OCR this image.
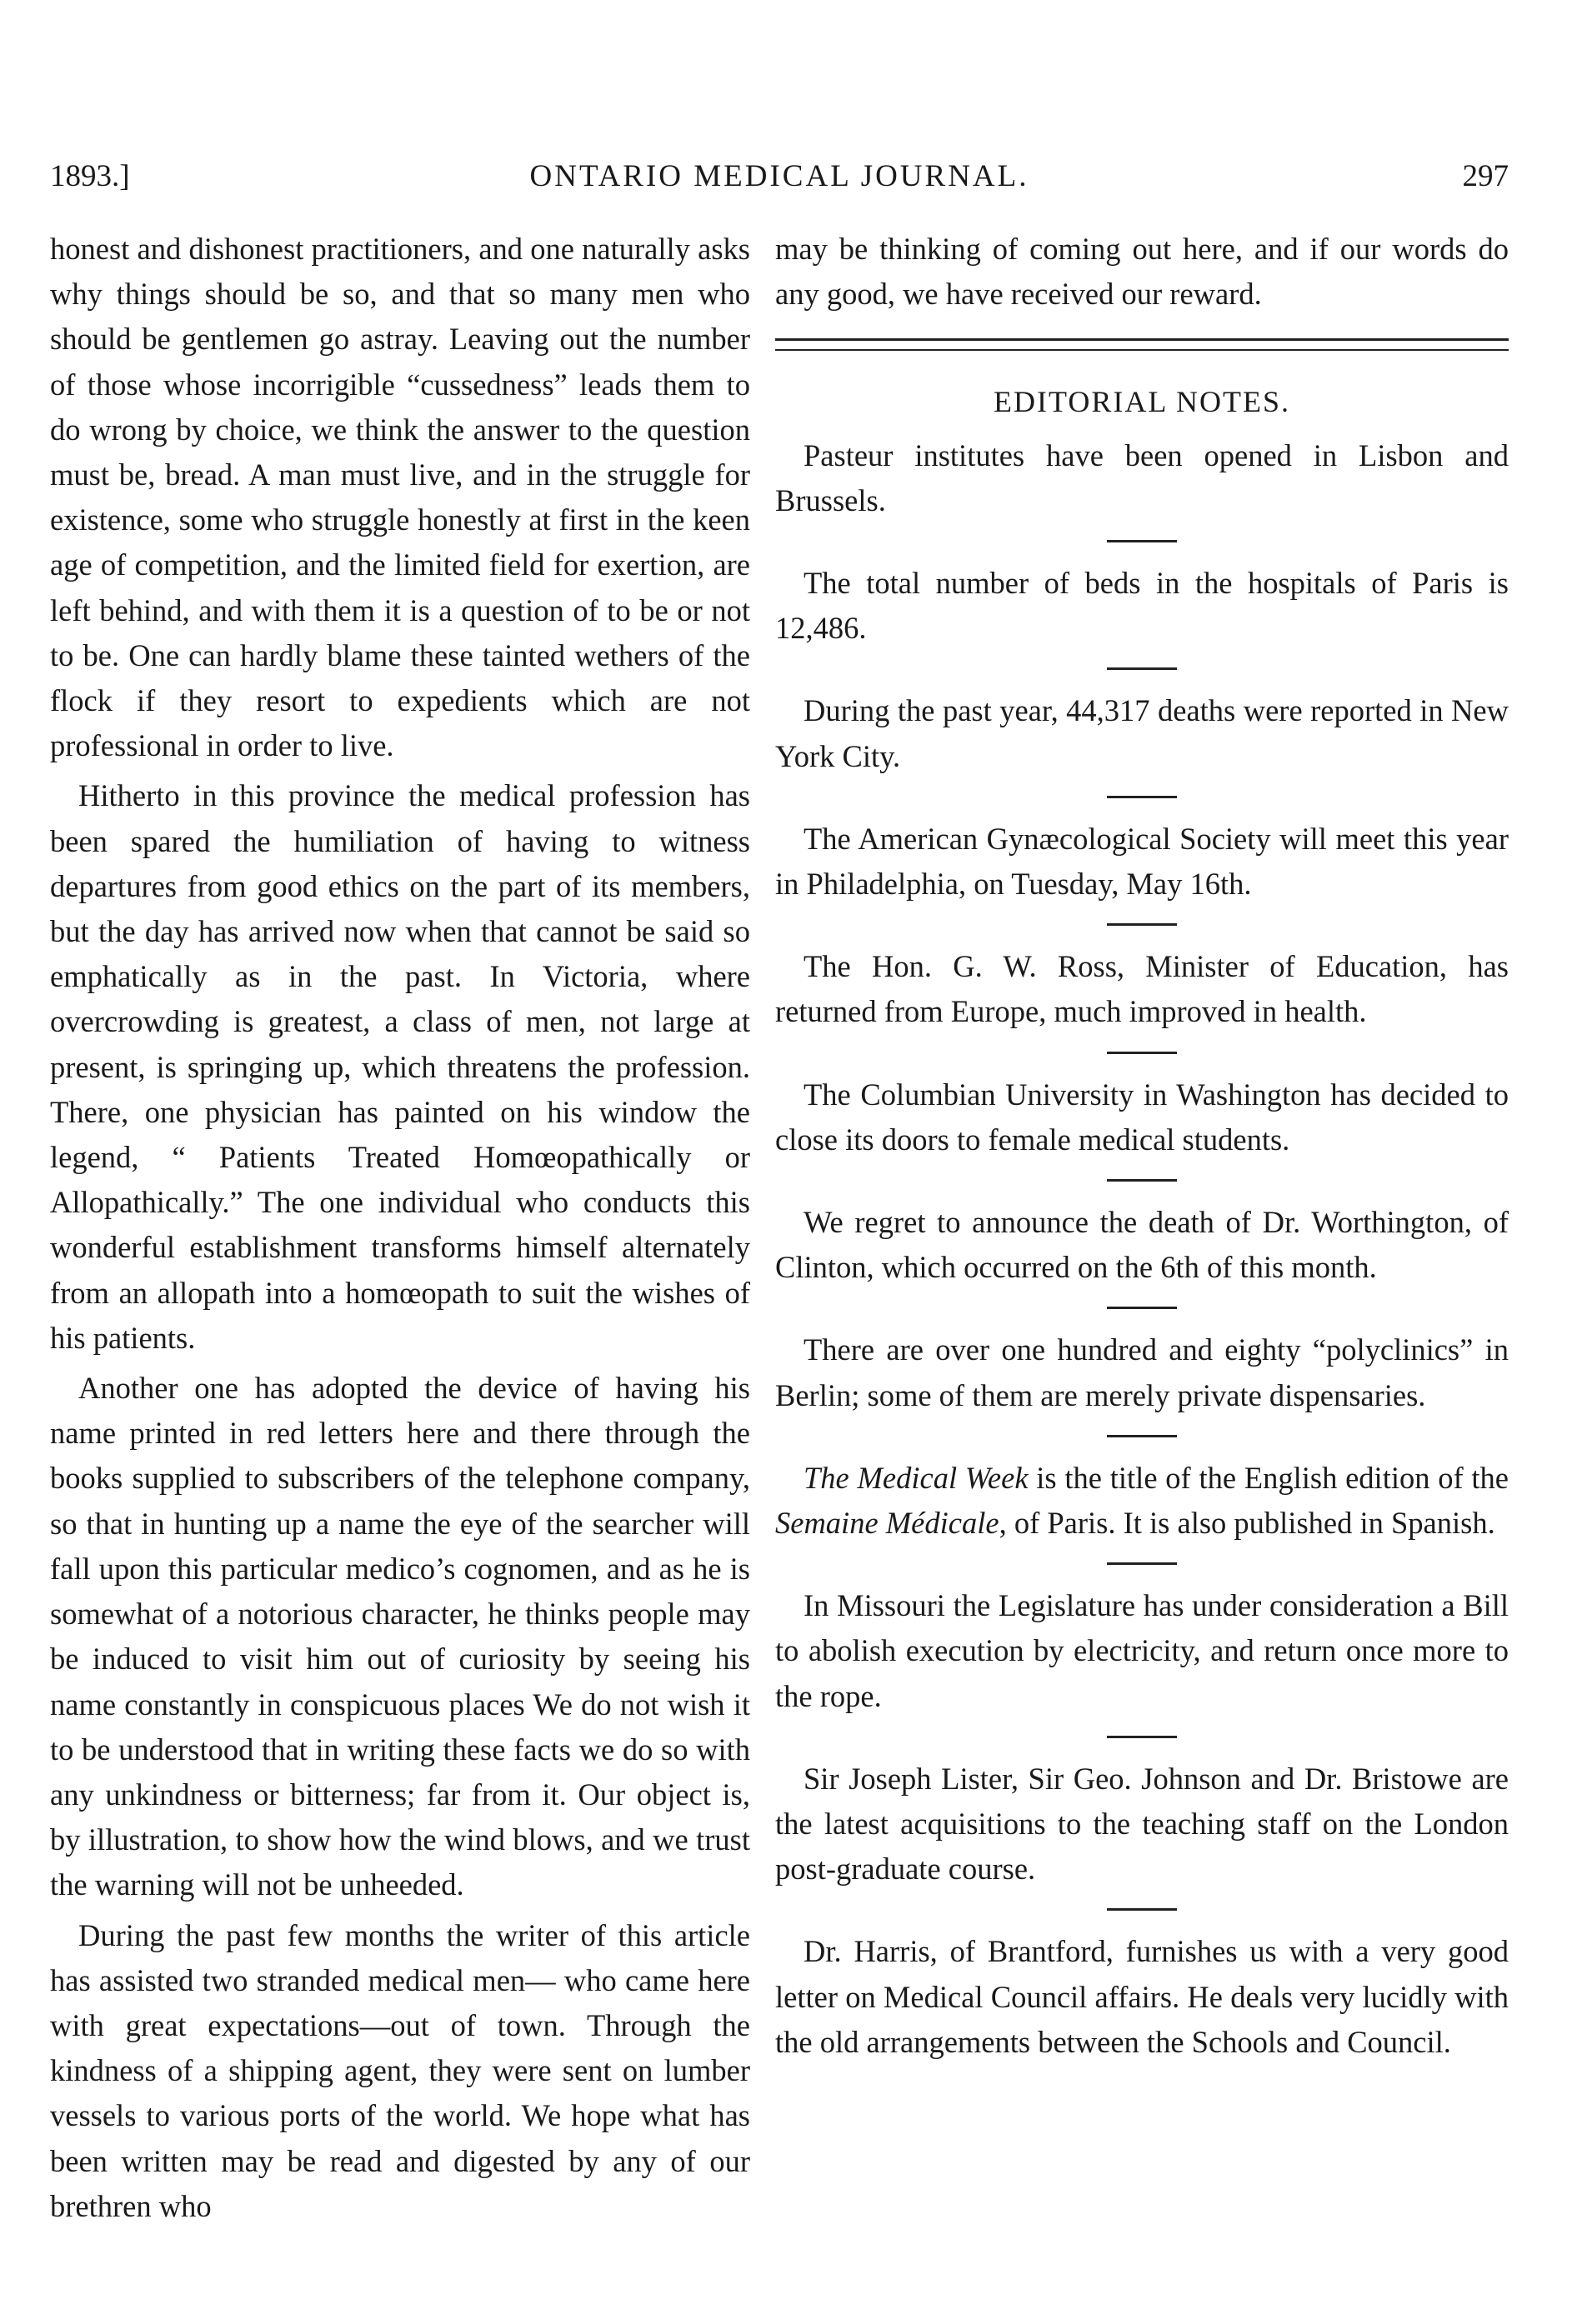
1893.]	ONTARIO MEDICAL JOURNAL.	297

honest and dishonest practitioners, and one naturally asks why things should be so, and that so many men who should be gentlemen go astray. Leaving out the number of those whose incorrigible “cussedness” leads them to do wrong by choice, we think the answer to the question must be, bread. A man must live, and in the struggle for existence, some who struggle honestly at first in the keen age of competition, and the limited field for exertion, are left behind, and with them it is a question of to be or not to be. One can hardly blame these tainted wethers of the flock if they resort to expedients which are not professional in order to live.

Hitherto in this province the medical profession has been spared the humiliation of having to witness departures from good ethics on the part of its members, but the day has arrived now when that cannot be said so emphatically as in the past. In Victoria, where overcrowding is greatest, a class of men, not large at present, is springing up, which threatens the profession. There, one physician has painted on his window the legend, “ Patients Treated Homœopathically or Allopathically.” The one individual who conducts this wonderful establishment transforms himself alternately from an allopath into a homœopath to suit the wishes of his patients.

Another one has adopted the device of having his name printed in red letters here and there through the books supplied to subscribers of the telephone company, so that in hunting up a name the eye of the searcher will fall upon this particular medico’s cognomen, and as he is somewhat of a notorious character, he thinks people may be induced to visit him out of curiosity by seeing his name constantly in conspicuous places We do not wish it to be understood that in writing these facts we do so with any unkindness or bitterness; far from it. Our object is, by illustration, to show how the wind blows, and we trust the warning will not be unheeded.

During the past few months the writer of this article has assisted two stranded medical men— who came here with great expectations—out of town. Through the kindness of a shipping agent, they were sent on lumber vessels to various ports of the world. We hope what has been written may be read and digested by any of our brethren who

may be thinking of coming out here, and if our words do any good, we have received our reward.

EDITORIAL NOTES.

Pasteur institutes have been opened in Lisbon and Brussels.

The total number of beds in the hospitals of Paris is 12,486.

During the past year, 44,317 deaths were reported in New York City.

The American Gynæcological Society will meet this year in Philadelphia, on Tuesday, May 16th.

The Hon. G. W. Ross, Minister of Education, has returned from Europe, much improved in health.

The Columbian University in Washington has decided to close its doors to female medical students.

We regret to announce the death of Dr. Worthington, of Clinton, which occurred on the 6th of this month.

There are over one hundred and eighty “polyclinics” in Berlin; some of them are merely private dispensaries.

The Medical Week is the title of the English edition of the Semaine Médicale, of Paris. It is also published in Spanish.

In Missouri the Legislature has under consideration a Bill to abolish execution by electricity, and return once more to the rope.

Sir Joseph Lister, Sir Geo. Johnson and Dr. Bristowe are the latest acquisitions to the teaching staff on the London post-graduate course.

Dr. Harris, of Brantford, furnishes us with a very good letter on Medical Council affairs. He deals very lucidly with the old arrangements between the Schools and Council.
